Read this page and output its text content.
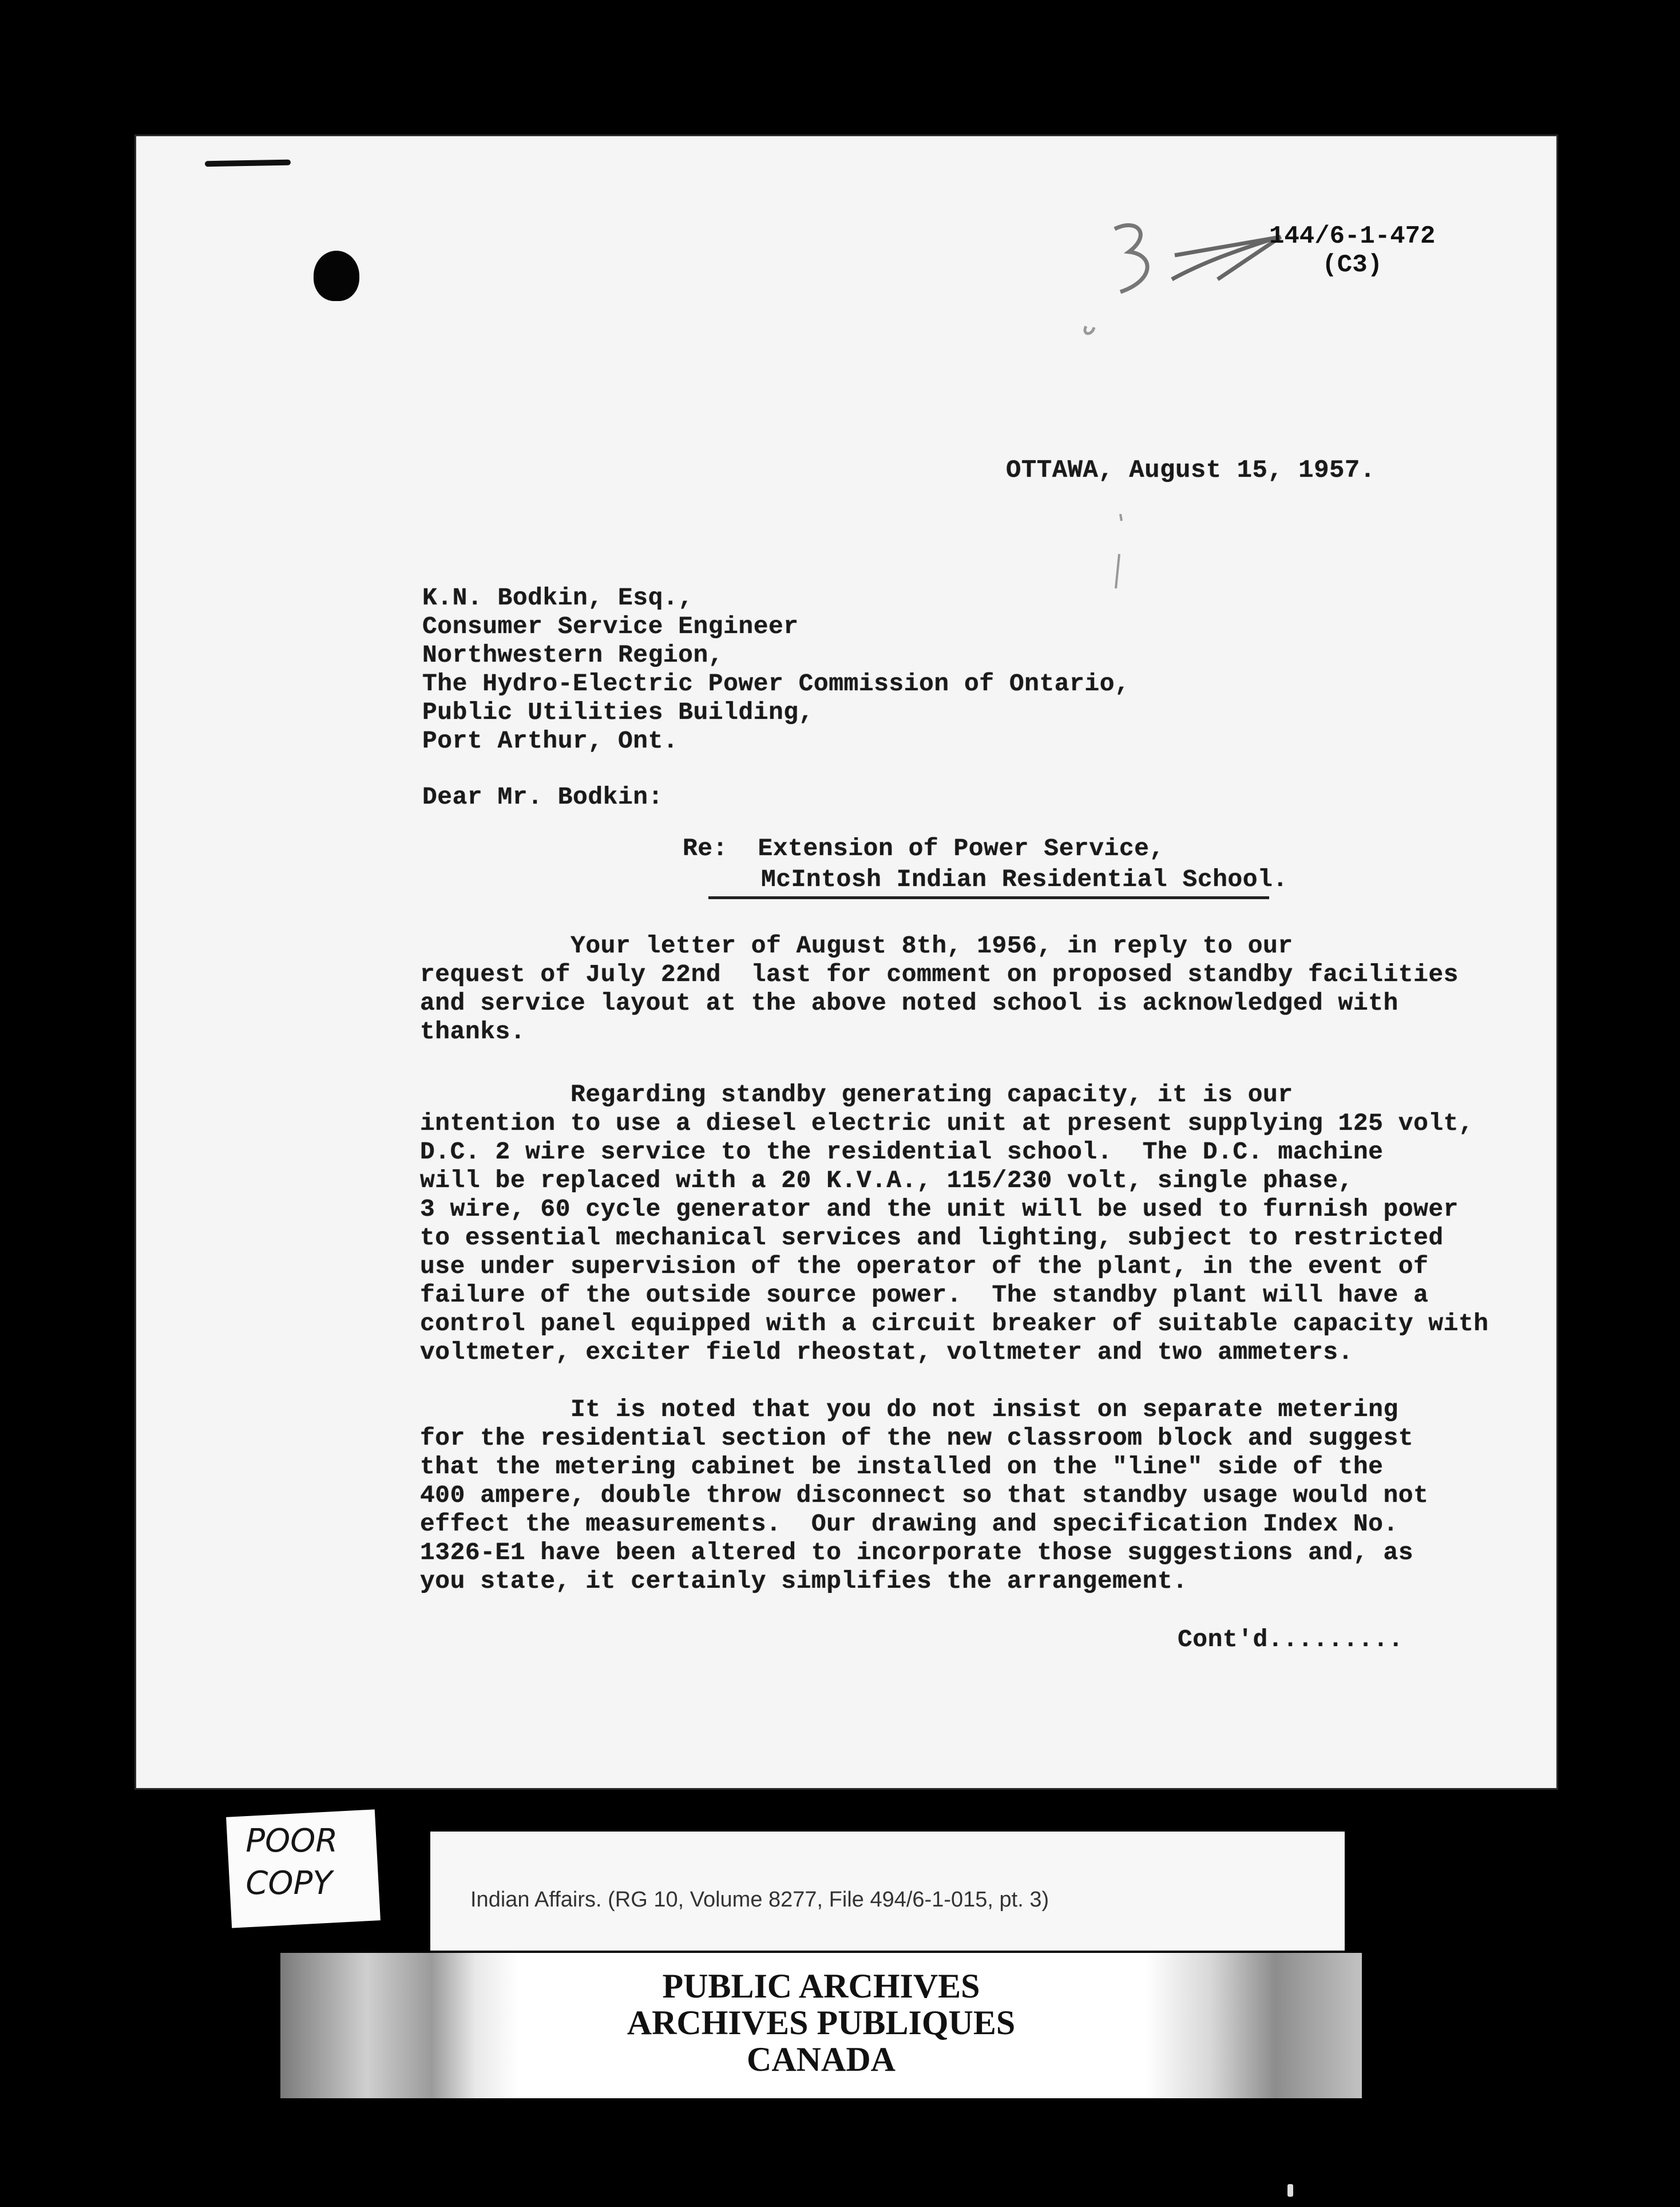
144/6-1-472
(C3)
OTTAWA, August 15, 1957.
K.N. Bodkin, Esq.,
Consumer Service Engineer
Northwestern Region,
The Hydro-Electric Power Commission of Ontario,
Public Utilities Building,
Port Arthur, Ont.
Dear Mr. Bodkin:
Re: Extension of Power Service,
McIntosh Indian Residential School.
Your letter of August 8th, 1956, in reply to our
request of July 22nd  last for comment on proposed standby facilities
and service layout at the above noted school is acknowledged with
thanks.
Regarding standby generating capacity, it is our
intention to use a diesel electric unit at present supplying 125 volt,
D.C. 2 wire service to the residential school.  The D.C. machine
will be replaced with a 20 K.V.A., 115/230 volt, single phase,
3 wire, 60 cycle generator and the unit will be used to furnish power
to essential mechanical services and lighting, subject to restricted
use under supervision of the operator of the plant, in the event of
failure of the outside source power.  The standby plant will have a
control panel equipped with a circuit breaker of suitable capacity with
voltmeter, exciter field rheostat, voltmeter and two ammeters.
It is noted that you do not insist on separate metering
for the residential section of the new classroom block and suggest
that the metering cabinet be installed on the "line" side of the
400 ampere, double throw disconnect so that standby usage would not
effect the measurements.  Our drawing and specification Index No.
1326-E1 have been altered to incorporate those suggestions and, as
you state, it certainly simplifies the arrangement.
Cont'd.........
POOR
COPY	Indian Affairs. (RG 10, Volume 8277, File 494/6-1-015, pt. 3)
PUBLIC ARCHIVES
ARCHIVES PUBLIQUES
CANADA
